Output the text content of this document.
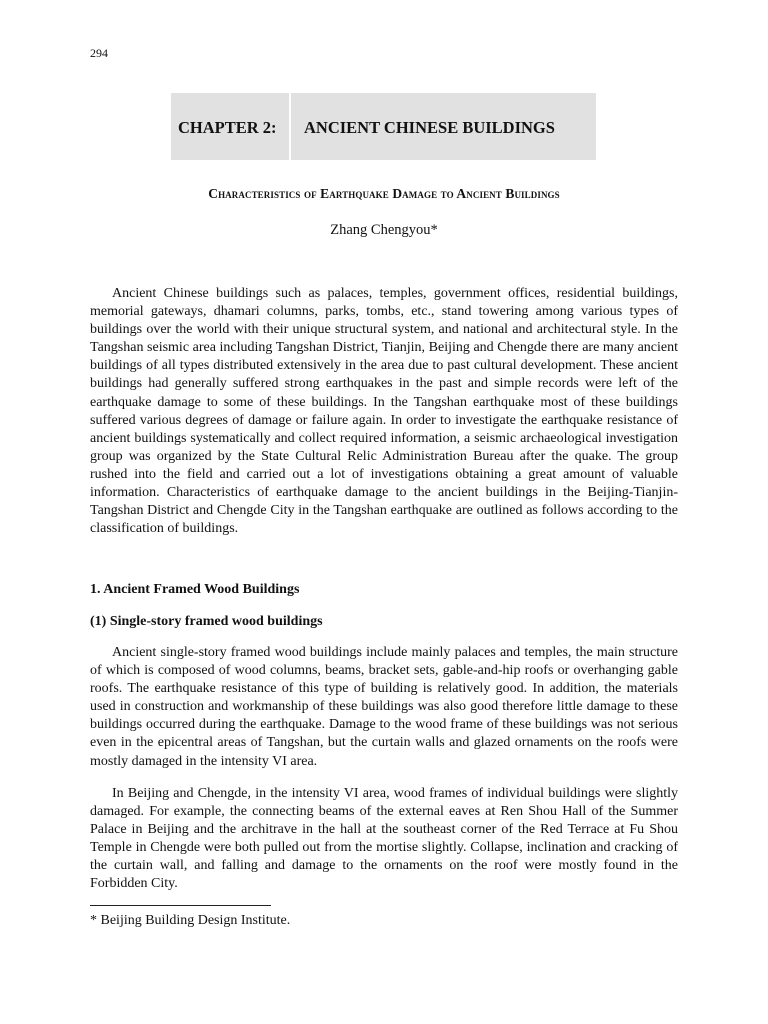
294
CHAPTER 2: ANCIENT CHINESE BUILDINGS
Characteristics of Earthquake Damage to Ancient Buildings
Zhang Chengyou*

Ancient Chinese buildings such as palaces, temples, government offices, residential buildings, memorial gateways, dhamari columns, parks, tombs, etc., stand towering among various types of buildings over the world with their unique structural system, and national and architectural style. In the Tangshan seismic area including Tangshan District, Tianjin, Beijing and Chengde there are many ancient buildings of all types distributed extensively in the area due to past cultural development. These ancient buildings had generally suffered strong earthquakes in the past and simple records were left of the earthquake damage to some of these buildings. In the Tangshan earthquake most of these buildings suffered various degrees of damage or failure again. In order to investigate the earthquake resistance of ancient buildings systematically and collect required information, a seismic archaeological investigation group was organized by the State Cultural Relic Administration Bureau after the quake. The group rushed into the field and carried out a lot of investigations obtaining a great amount of valuable information. Characteristics of earthquake damage to the ancient buildings in the Beijing-Tianjin-Tangshan District and Chengde City in the Tangshan earthquake are outlined as follows according to the classification of buildings.

1. Ancient Framed Wood Buildings

(1) Single-story framed wood buildings

Ancient single-story framed wood buildings include mainly palaces and temples, the main structure of which is composed of wood columns, beams, bracket sets, gable-and-hip roofs or overhanging gable roofs. The earthquake resistance of this type of building is relatively good. In addition, the materials used in construction and workmanship of these buildings was also good therefore little damage to these buildings occurred during the earthquake. Damage to the wood frame of these buildings was not serious even in the epicentral areas of Tangshan, but the curtain walls and glazed ornaments on the roofs were mostly damaged in the intensity VI area.

In Beijing and Chengde, in the intensity VI area, wood frames of individual buildings were slightly damaged. For example, the connecting beams of the external eaves at Ren Shou Hall of the Summer Palace in Beijing and the architrave in the hall at the southeast corner of the Red Terrace at Fu Shou Temple in Chengde were both pulled out from the mortise slightly. Collapse, inclination and cracking of the curtain wall, and falling and damage to the ornaments on the roof were mostly found in the Forbidden City.

* Beijing Building Design Institute.
